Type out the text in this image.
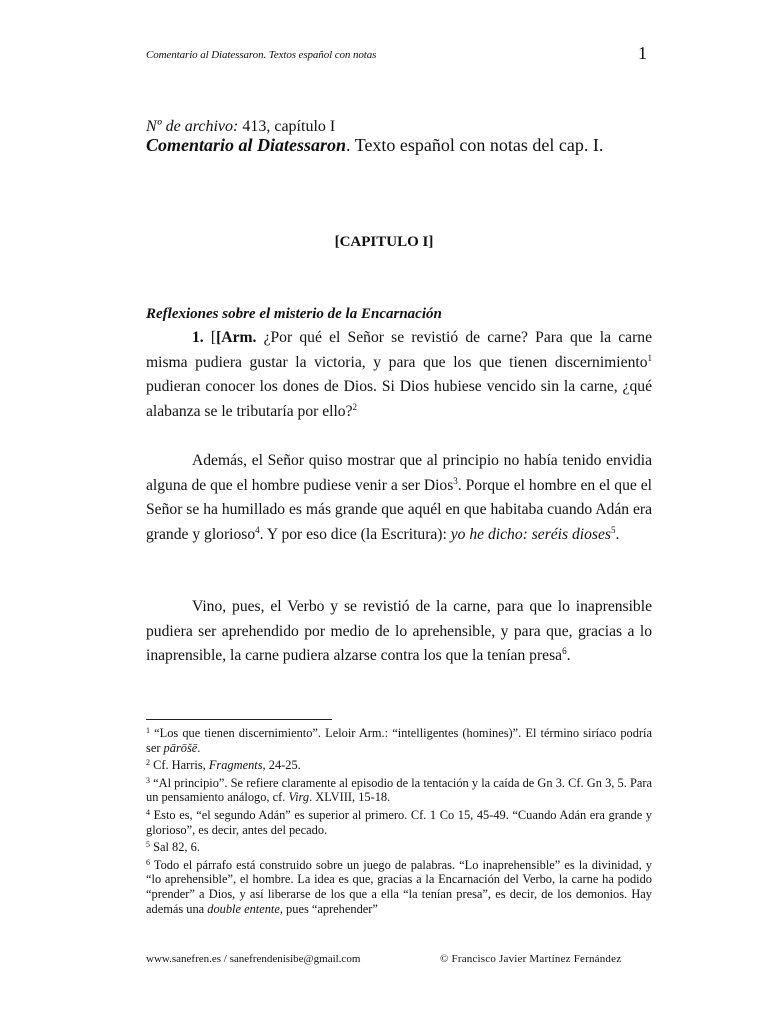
Comentario al Diatessaron. Textos español con notas	1
Nº de archivo: 413, capítulo I
Comentario al Diatessaron. Texto español con notas del cap. I.
[CAPITULO I]
Reflexiones sobre el misterio de la Encarnación
1. [[Arm. ¿Por qué el Señor se revistió de carne? Para que la carne misma pudiera gustar la victoria, y para que los que tienen discernimiento$^1$ pudieran conocer los dones de Dios. Si Dios hubiese vencido sin la carne, ¿qué alabanza se le tributaría por ello?$^2$
Además, el Señor quiso mostrar que al principio no había tenido envidia alguna de que el hombre pudiese venir a ser Dios$^3$. Porque el hombre en el que el Señor se ha humillado es más grande que aquél en que habitaba cuando Adán era grande y glorioso$^4$. Y por eso dice (la Escritura): yo he dicho: seréis dioses$^5$.
Vino, pues, el Verbo y se revistió de la carne, para que lo inaprensible pudiera ser aprehendido por medio de lo aprehensible, y para que, gracias a lo inaprensible, la carne pudiera alzarse contra los que la tenían presa$^6$.

$^1$ “Los que tienen discernimiento”. Leloir Arm.: “intelligentes (homines)”. El término siríaco podría ser pārōšē.

$^2$ Cf. Harris, Fragments, 24-25.

$^3$ “Al principio”. Se refiere claramente al episodio de la tentación y la caída de Gn 3. Cf. Gn 3, 5. Para un pensamiento análogo, cf. Virg. XLVIII, 15-18.

$^4$ Esto es, “el segundo Adán” es superior al primero. Cf. 1 Co 15, 45-49. “Cuando Adán era grande y glorioso”, es decir, antes del pecado.

$^5$ Sal 82, 6.

$^6$ Todo el párrafo está construido sobre un juego de palabras. “Lo inaprehensible” es la divinidad, y “lo aprehensible”, el hombre. La idea es que, gracias a la Encarnación del Verbo, la carne ha podido “prender” a Dios, y así liberarse de los que a ella “la tenían presa”, es decir, de los demonios. Hay además una double entente, pues “aprehender”

www.sanefren.es / sanefrendenisibe@gmail.com	© Francisco Javier Martínez Fernández
